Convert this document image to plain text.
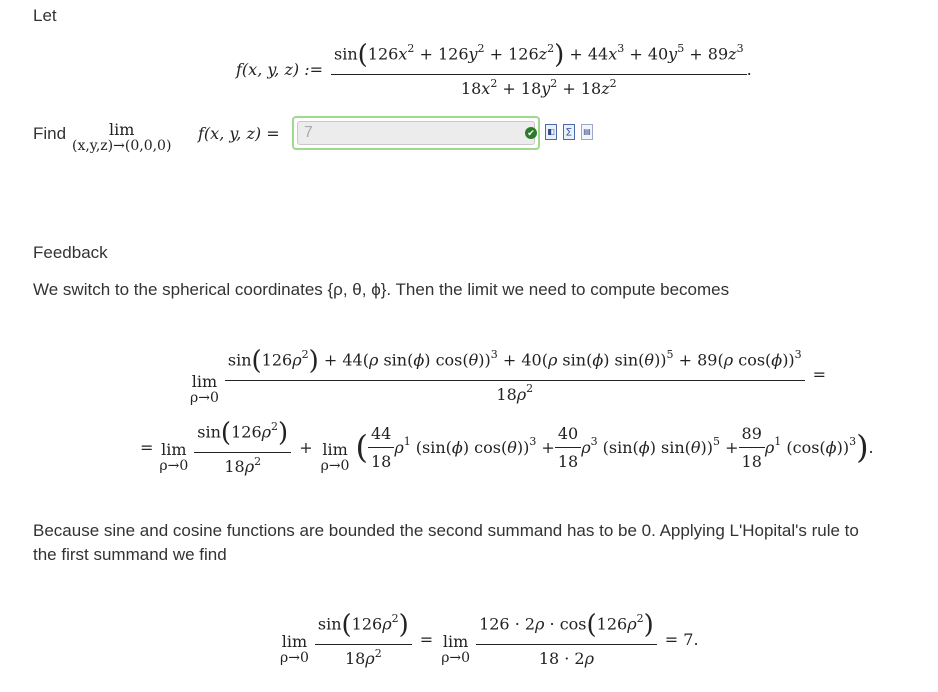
Let
f(x, y, z) := $\frac{\sin(126x^2 + 126y^2 + 126z^2) + 44x^3 + 40y^5 + 89z^3}{18x^2 + 18y^2 + 18z^2}$ .
Find	lim
(x,y,z)→(0,0,0)
f(x, y, z) =	7	✔ ◧	∑	▤
Feedback
We switch to the spherical coordinates {ρ, θ, ϕ}. Then the limit we need to compute becomes
lim
ρ→0
$\sin(126\rho^2) + 44(\rho$ sin(ϕ) cos(θ))$^3$ + 40(ρ sin(ϕ) sin(θ))$^5$ + 89(ρ cos(ϕ))$^3$
$18\rho^2$
=
= lim
$\rho\to 0 \frac{\sin(126\rho^2)}{18\rho^2} + \lim$
ρ→0
( $\frac{44}{18} \rho^1$ (sin(ϕ) $\cos(\theta))^3 + \frac{40}{18} \rho^3$ (sin(ϕ) $\sin(\theta))^5 + \frac{89}{18} \rho^1$ $(\cos(\phi))^3$ ) .
Because sine and cosine functions are bounded the second summand has to be 0. Applying L'Hopital's rule to the first summand we find
lim
$\rho\to 0 \frac{\sin(126\rho^2)}{18\rho^2} = \lim$
$\rho\to 0 \frac{126 \cdot 2\rho \cdot \cos(126\rho^2)}{18 \cdot 2\rho} = 7$.
